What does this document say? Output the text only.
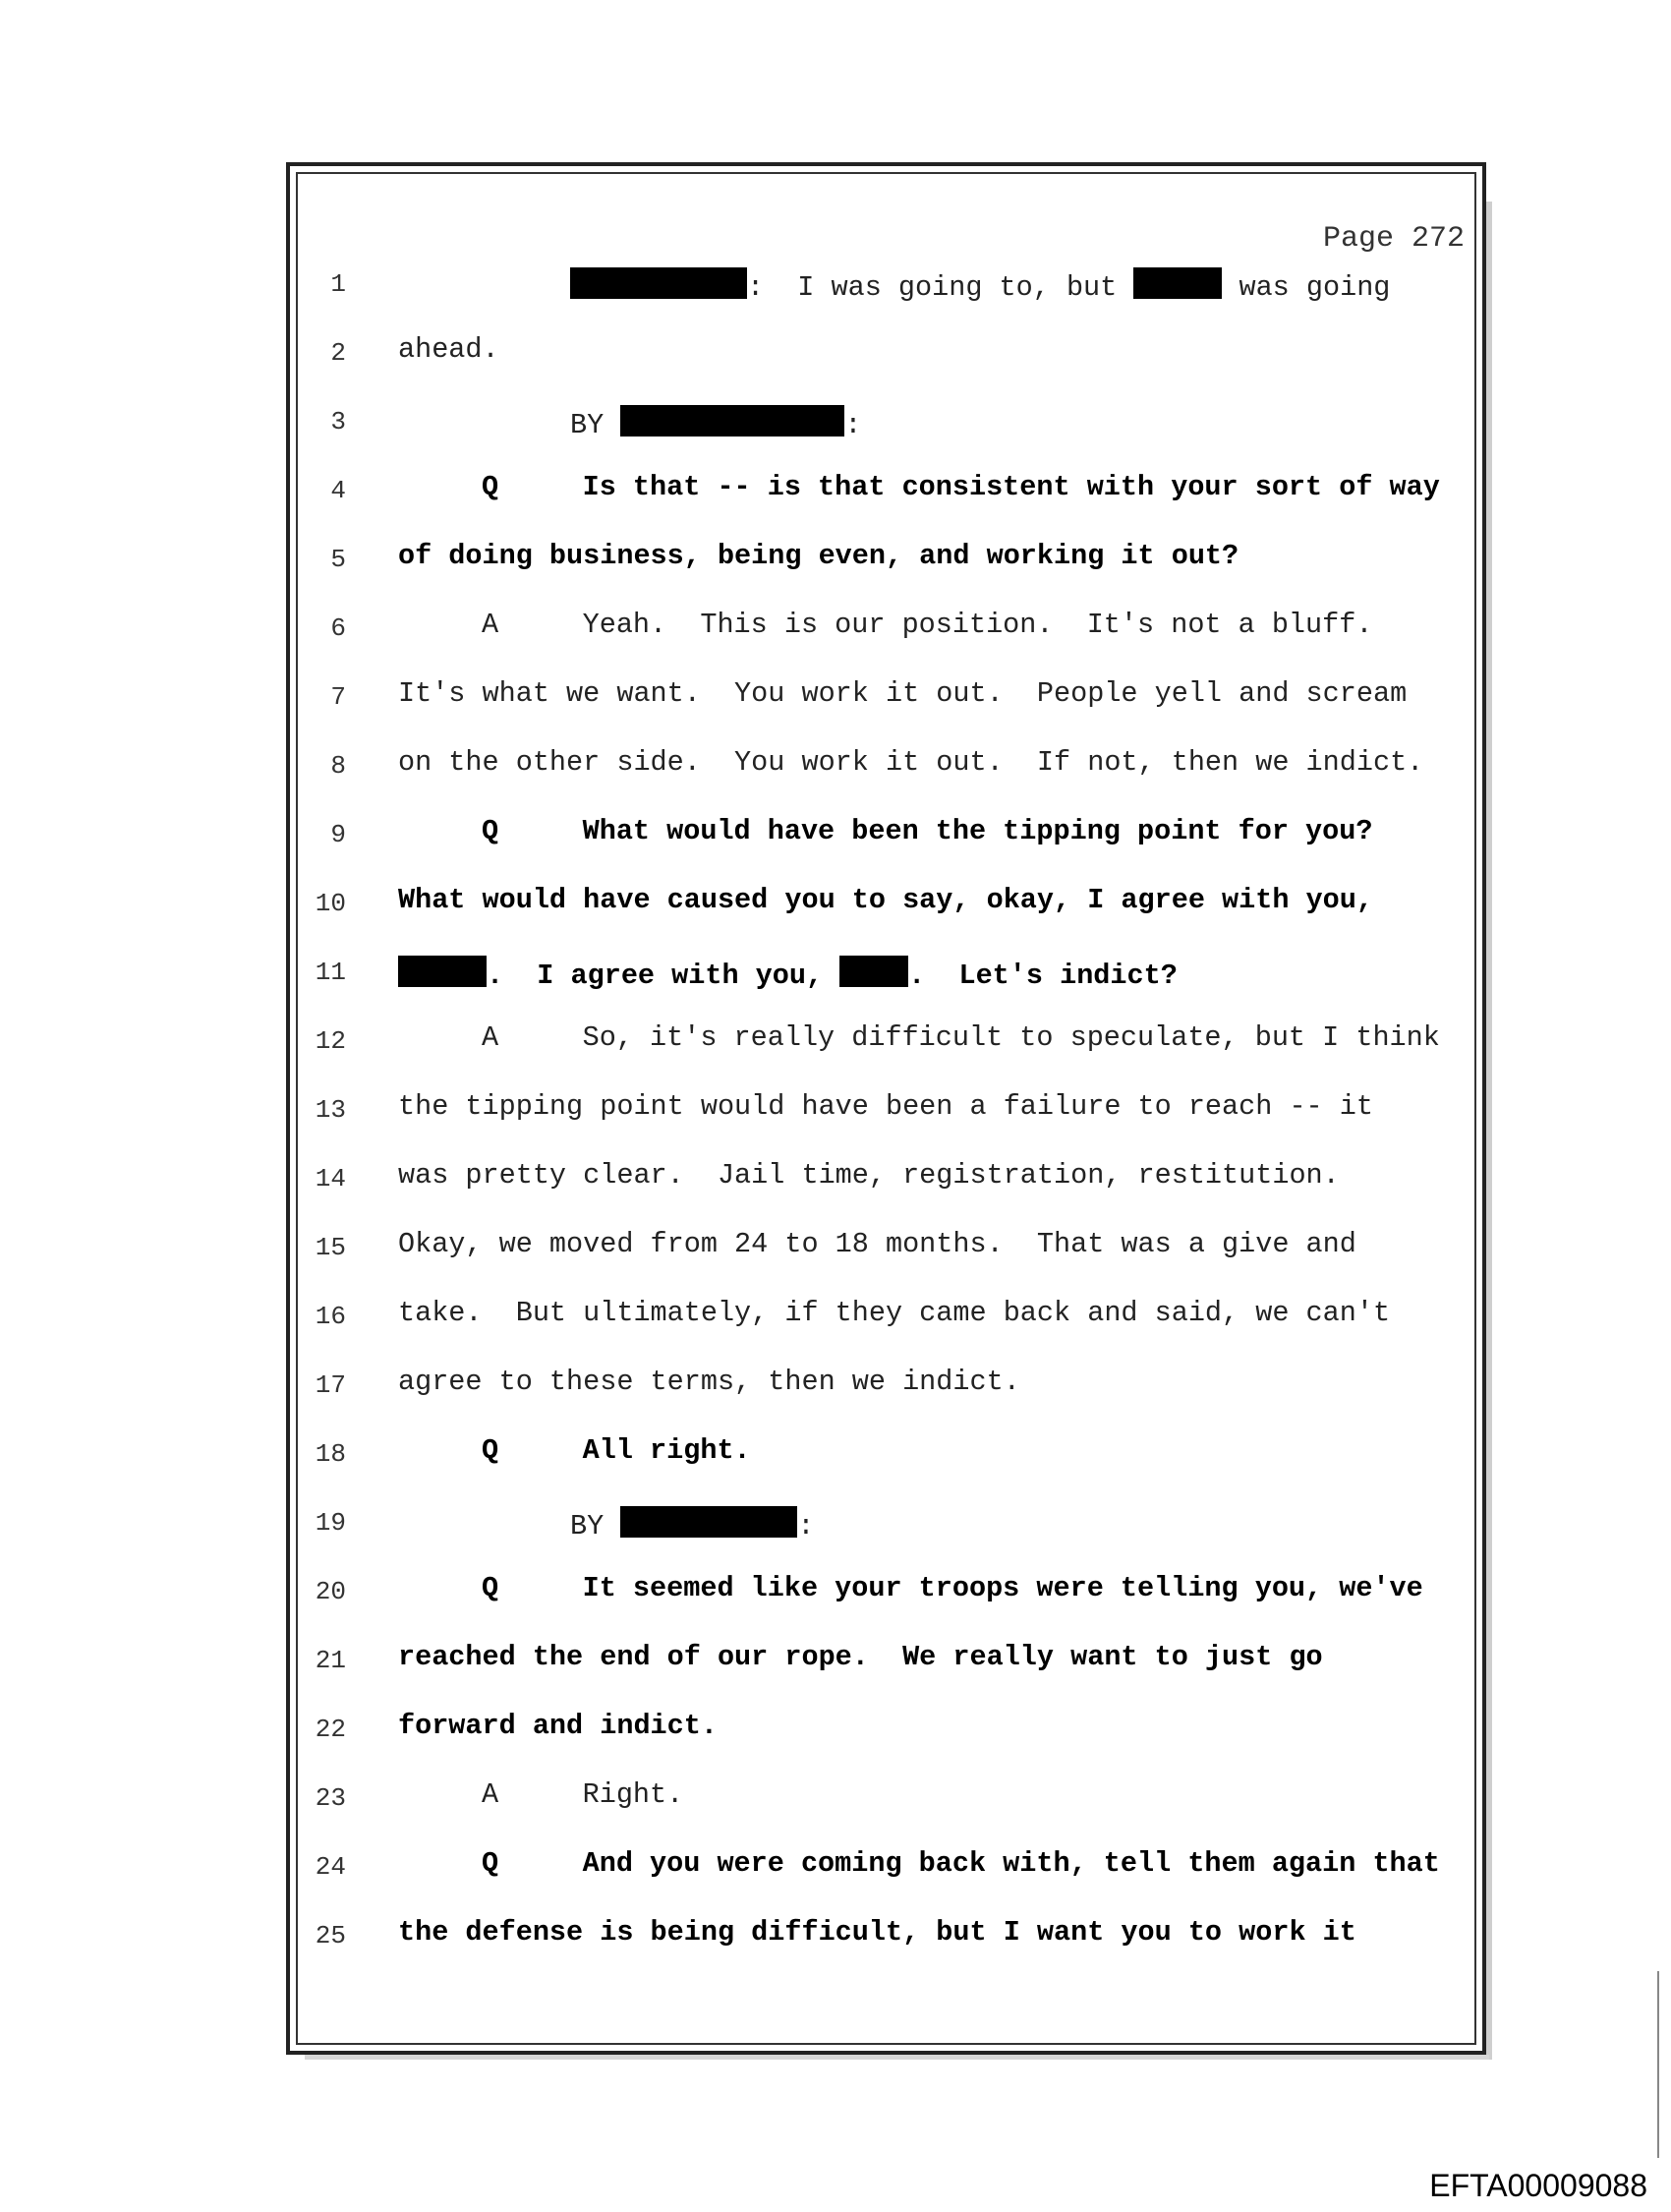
Page 272
1	:  I was going to, but	was going
2 ahead.
3	BY	:
4	Q     Is that -- is that consistent with your sort of way
5 of doing business, being even, and working it out?
6	A     Yeah.  This is our position.  It's not a bluff.
7 It's what we want.  You work it out.  People yell and scream
8 on the other side.  You work it out.  If not, then we indict.
9	Q     What would have been the tipping point for you?
10 What would have caused you to say, okay, I agree with you,
11	.  I agree with you, .  Let's indict?
12	A     So, it's really difficult to speculate, but I think
13 the tipping point would have been a failure to reach -- it
14 was pretty clear.  Jail time, registration, restitution.
15 Okay, we moved from 24 to 18 months.  That was a give and
16 take.  But ultimately, if they came back and said, we can't
17 agree to these terms, then we indict.
18	Q     All right.
19	BY	:
20	Q     It seemed like your troops were telling you, we've
21 reached the end of our rope.  We really want to just go
22 forward and indict.
23	A     Right.
24	Q     And you were coming back with, tell them again that
25 the defense is being difficult, but I want you to work it
EFTA00009088
